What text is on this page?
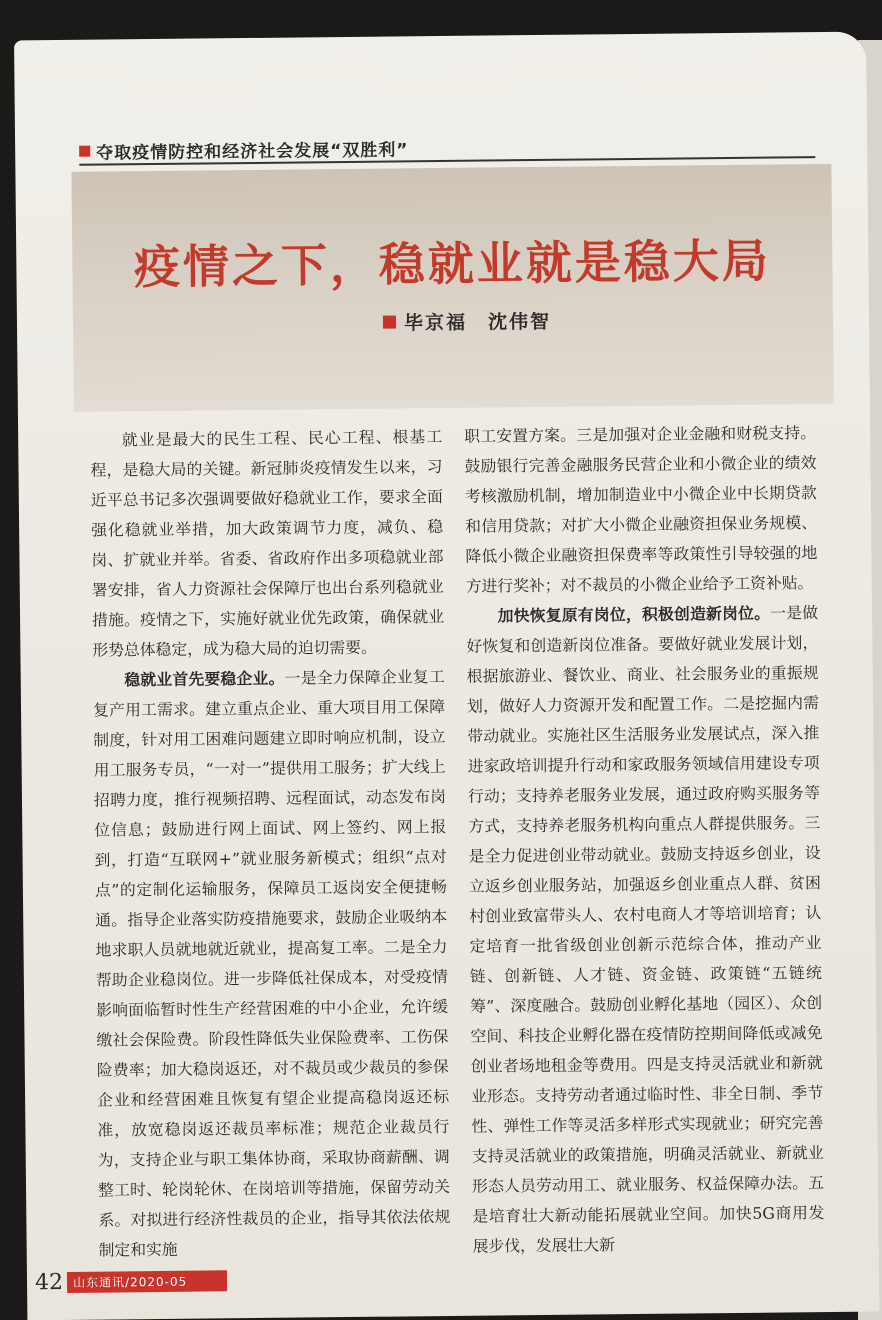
夺取疫情防控和经济社会发展“双胜利”
疫情之下，稳就业就是稳大局
毕京福　沈伟智

就业是最大的民生工程、民心工程、根基工程，是稳大局的关键。新冠肺炎疫情发生以来，习近平总书记多次强调要做好稳就业工作，要求全面强化稳就业举措，加大政策调节力度，减负、稳岗、扩就业并举。省委、省政府作出多项稳就业部署安排，省人力资源社会保障厅也出台系列稳就业措施。疫情之下，实施好就业优先政策，确保就业形势总体稳定，成为稳大局的迫切需要。

稳就业首先要稳企业。一是全力保障企业复工复产用工需求。建立重点企业、重大项目用工保障制度，针对用工困难问题建立即时响应机制，设立用工服务专员，“一对一”提供用工服务；扩大线上招聘力度，推行视频招聘、远程面试，动态发布岗位信息；鼓励进行网上面试、网上签约、网上报到，打造“互联网+”就业服务新模式；组织“点对点”的定制化运输服务，保障员工返岗安全便捷畅通。指导企业落实防疫措施要求，鼓励企业吸纳本地求职人员就地就近就业，提高复工率。二是全力帮助企业稳岗位。进一步降低社保成本，对受疫情影响面临暂时性生产经营困难的中小企业，允许缓缴社会保险费。阶段性降低失业保险费率、工伤保险费率；加大稳岗返还，对不裁员或少裁员的参保企业和经营困难且恢复有望企业提高稳岗返还标准，放宽稳岗返还裁员率标准；规范企业裁员行为，支持企业与职工集体协商，采取协商薪酬、调整工时、轮岗轮休、在岗培训等措施，保留劳动关系。对拟进行经济性裁员的企业，指导其依法依规制定和实施

职工安置方案。三是加强对企业金融和财税支持。鼓励银行完善金融服务民营企业和小微企业的绩效考核激励机制，增加制造业中小微企业中长期贷款和信用贷款；对扩大小微企业融资担保业务规模、降低小微企业融资担保费率等政策性引导较强的地方进行奖补；对不裁员的小微企业给予工资补贴。

加快恢复原有岗位，积极创造新岗位。一是做好恢复和创造新岗位准备。要做好就业发展计划，根据旅游业、餐饮业、商业、社会服务业的重振规划，做好人力资源开发和配置工作。二是挖掘内需带动就业。实施社区生活服务业发展试点，深入推进家政培训提升行动和家政服务领域信用建设专项行动；支持养老服务业发展，通过政府购买服务等方式，支持养老服务机构向重点人群提供服务。三是全力促进创业带动就业。鼓励支持返乡创业，设立返乡创业服务站，加强返乡创业重点人群、贫困村创业致富带头人、农村电商人才等培训培育；认定培育一批省级创业创新示范综合体，推动产业链、创新链、人才链、资金链、政策链“五链统筹”、深度融合。鼓励创业孵化基地（园区）、众创空间、科技企业孵化器在疫情防控期间降低或减免创业者场地租金等费用。四是支持灵活就业和新就业形态。支持劳动者通过临时性、非全日制、季节性、弹性工作等灵活多样形式实现就业；研究完善支持灵活就业的政策措施，明确灵活就业、新就业形态人员劳动用工、就业服务、权益保障办法。五是培育壮大新动能拓展就业空间。加快5G商用发展步伐，发展壮大新

42 山东通讯/2020-05
